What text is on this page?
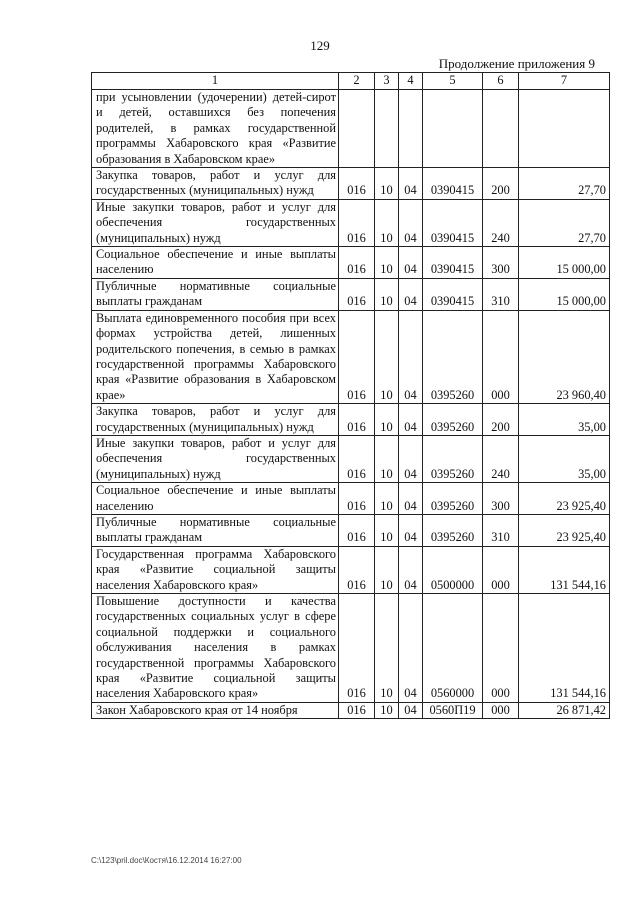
129
Продолжение приложения 9
1	2	3	4	5	6	7
при усыновлении (удочерении) детей-сирот и детей, оставшихся без попечения родителей, в рамках государственной программы Хабаровского края «Развитие образования в Хабаровском крае»						
Закупка товаров, работ и услуг для государственных (муниципальных) нужд	016	10	04	0390415	200	27,70
Иные закупки товаров, работ и услуг для обеспечения государственных (муниципальных) нужд	016	10	04	0390415	240	27,70
Социальное обеспечение и иные выплаты населению	016	10	04	0390415	300	15 000,00
Публичные нормативные социальные выплаты гражданам	016	10	04	0390415	310	15 000,00
Выплата единовременного пособия при всех формах устройства детей, лишенных родительского попечения, в семью в рамках государственной программы Хабаровского края «Развитие образования в Хабаровском крае»	016	10	04	0395260	000	23 960,40
Закупка товаров, работ и услуг для государственных (муниципальных) нужд	016	10	04	0395260	200	35,00
Иные закупки товаров, работ и услуг для обеспечения государственных (муниципальных) нужд	016	10	04	0395260	240	35,00
Социальное обеспечение и иные выплаты населению	016	10	04	0395260	300	23 925,40
Публичные нормативные социальные выплаты гражданам	016	10	04	0395260	310	23 925,40
Государственная программа Хабаровского края «Развитие социальной защиты населения Хабаровского края»	016	10	04	0500000	000	131 544,16
Повышение доступности и качества государственных социальных услуг в сфере социальной поддержки и социального обслуживания населения в рамках государственной программы Хабаровского края «Развитие социальной защиты населения Хабаровского края»	016	10	04	0560000	000	131 544,16
Закон Хабаровского края от 14 ноября	016	10	04	0560П19	000	26 871,42
C:\123\pril.doc\Костя\16.12.2014 16:27:00
